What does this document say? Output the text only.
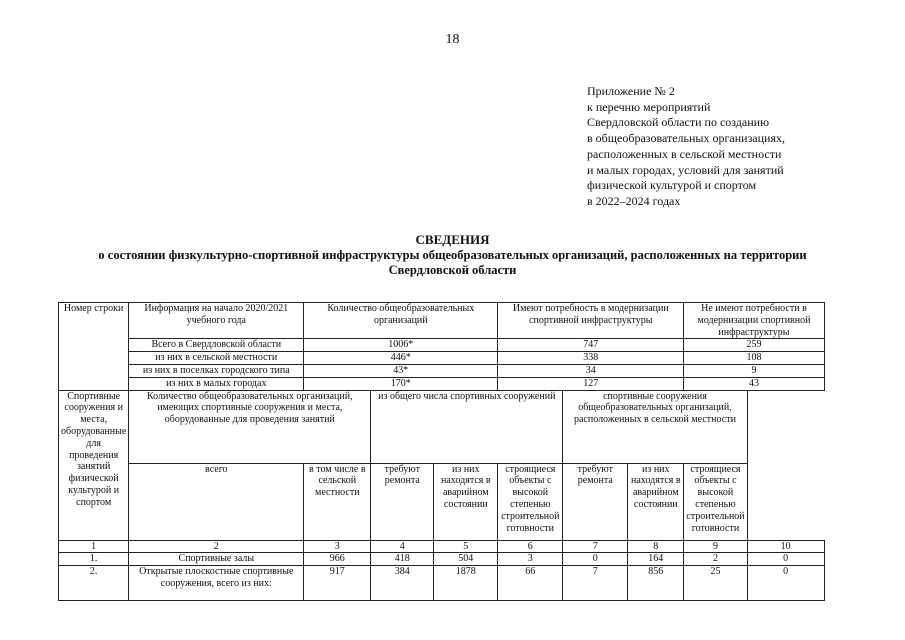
18
Приложение № 2
к перечню мероприятий
Свердловской области по созданию
в общеобразовательных организациях,
расположенных в сельской местности
и малых городах, условий для занятий
физической культурой и спортом
в 2022–2024 годах
СВЕДЕНИЯ
о состоянии физкультурно-спортивной инфраструктуры общеобразовательных организаций, расположенных на территории
Свердловской области
Номер строки	Информация на начало 2020/2021 учебного года	Количество общеобразовательных организаций			Имеют потребность в модернизации спортивной инфраструктуры			Не имеют потребности в модернизации спортивной инфраструктуры	
	Всего в Свердловской области	1006*			747			259	
	из них в сельской местности	446*			338			108	
	из них в поселках городского типа	43*			34			9	
	из них в малых городах	170*			127			43	
Спортивные сооружения и места, оборудованные для проведения занятий физической культурой и спортом	Количество общеобразовательных организаций, имеющих спортивные сооружения и места, оборудованные для проведения занятий		из общего числа спортивных сооружений			спортивные сооружения общеобразовательных организаций, расположенных в сельской местности			
	всего	в том числе в сельской местности	требуют ремонта	из них находятся в аварийном состоянии	строящиеся объекты с высокой степенью строительной готовности	требуют ремонта	из них находятся в аварийном состоянии	строящиеся объекты с высокой степенью строительной готовности	
1	2	3	4	5	6	7	8	9	10
1.	Спортивные залы	966	418	504	3	0	164	2	0
2.	Открытые плоскостные спортивные сооружения, всего из них:	917	384	1878	66	7	856	25	0
